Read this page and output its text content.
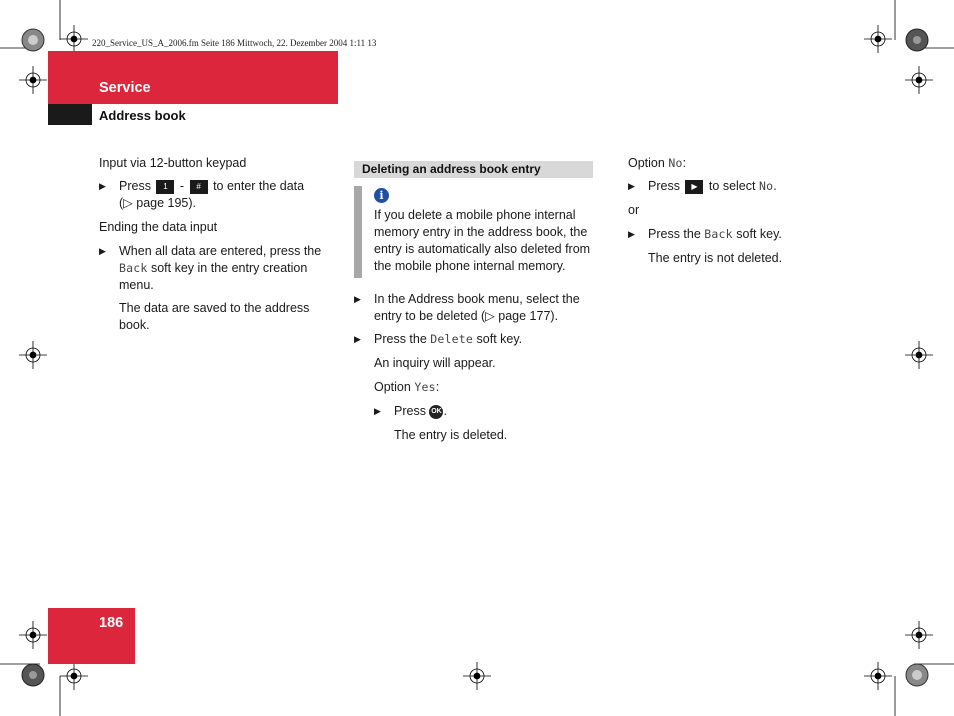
220_Service_US_A_2006.fm Seite 186 Mittwoch, 22. Dezember 2004 1:11 13
Service
Address book
Input via 12-button keypad
▶ Press 1 - # to enter the data
(▷ page 195).
Ending the data input
▶ When all data are entered, press the
Back soft key in the entry creation
menu.
The data are saved to the address
book.
Deleting an address book entry
i
If you delete a mobile phone internal
memory entry in the address book, the
entry is automatically also deleted from
the mobile phone internal memory.
▶ In the Address book menu, select the
entry to be deleted (▷ page 177).
▶ Press the Delete soft key.
An inquiry will appear.
Option Yes:
▶ Press OK .
The entry is deleted.
Option No:
▶ Press ▶ to select No.
or
▶ Press the Back soft key.
The entry is not deleted.
186
